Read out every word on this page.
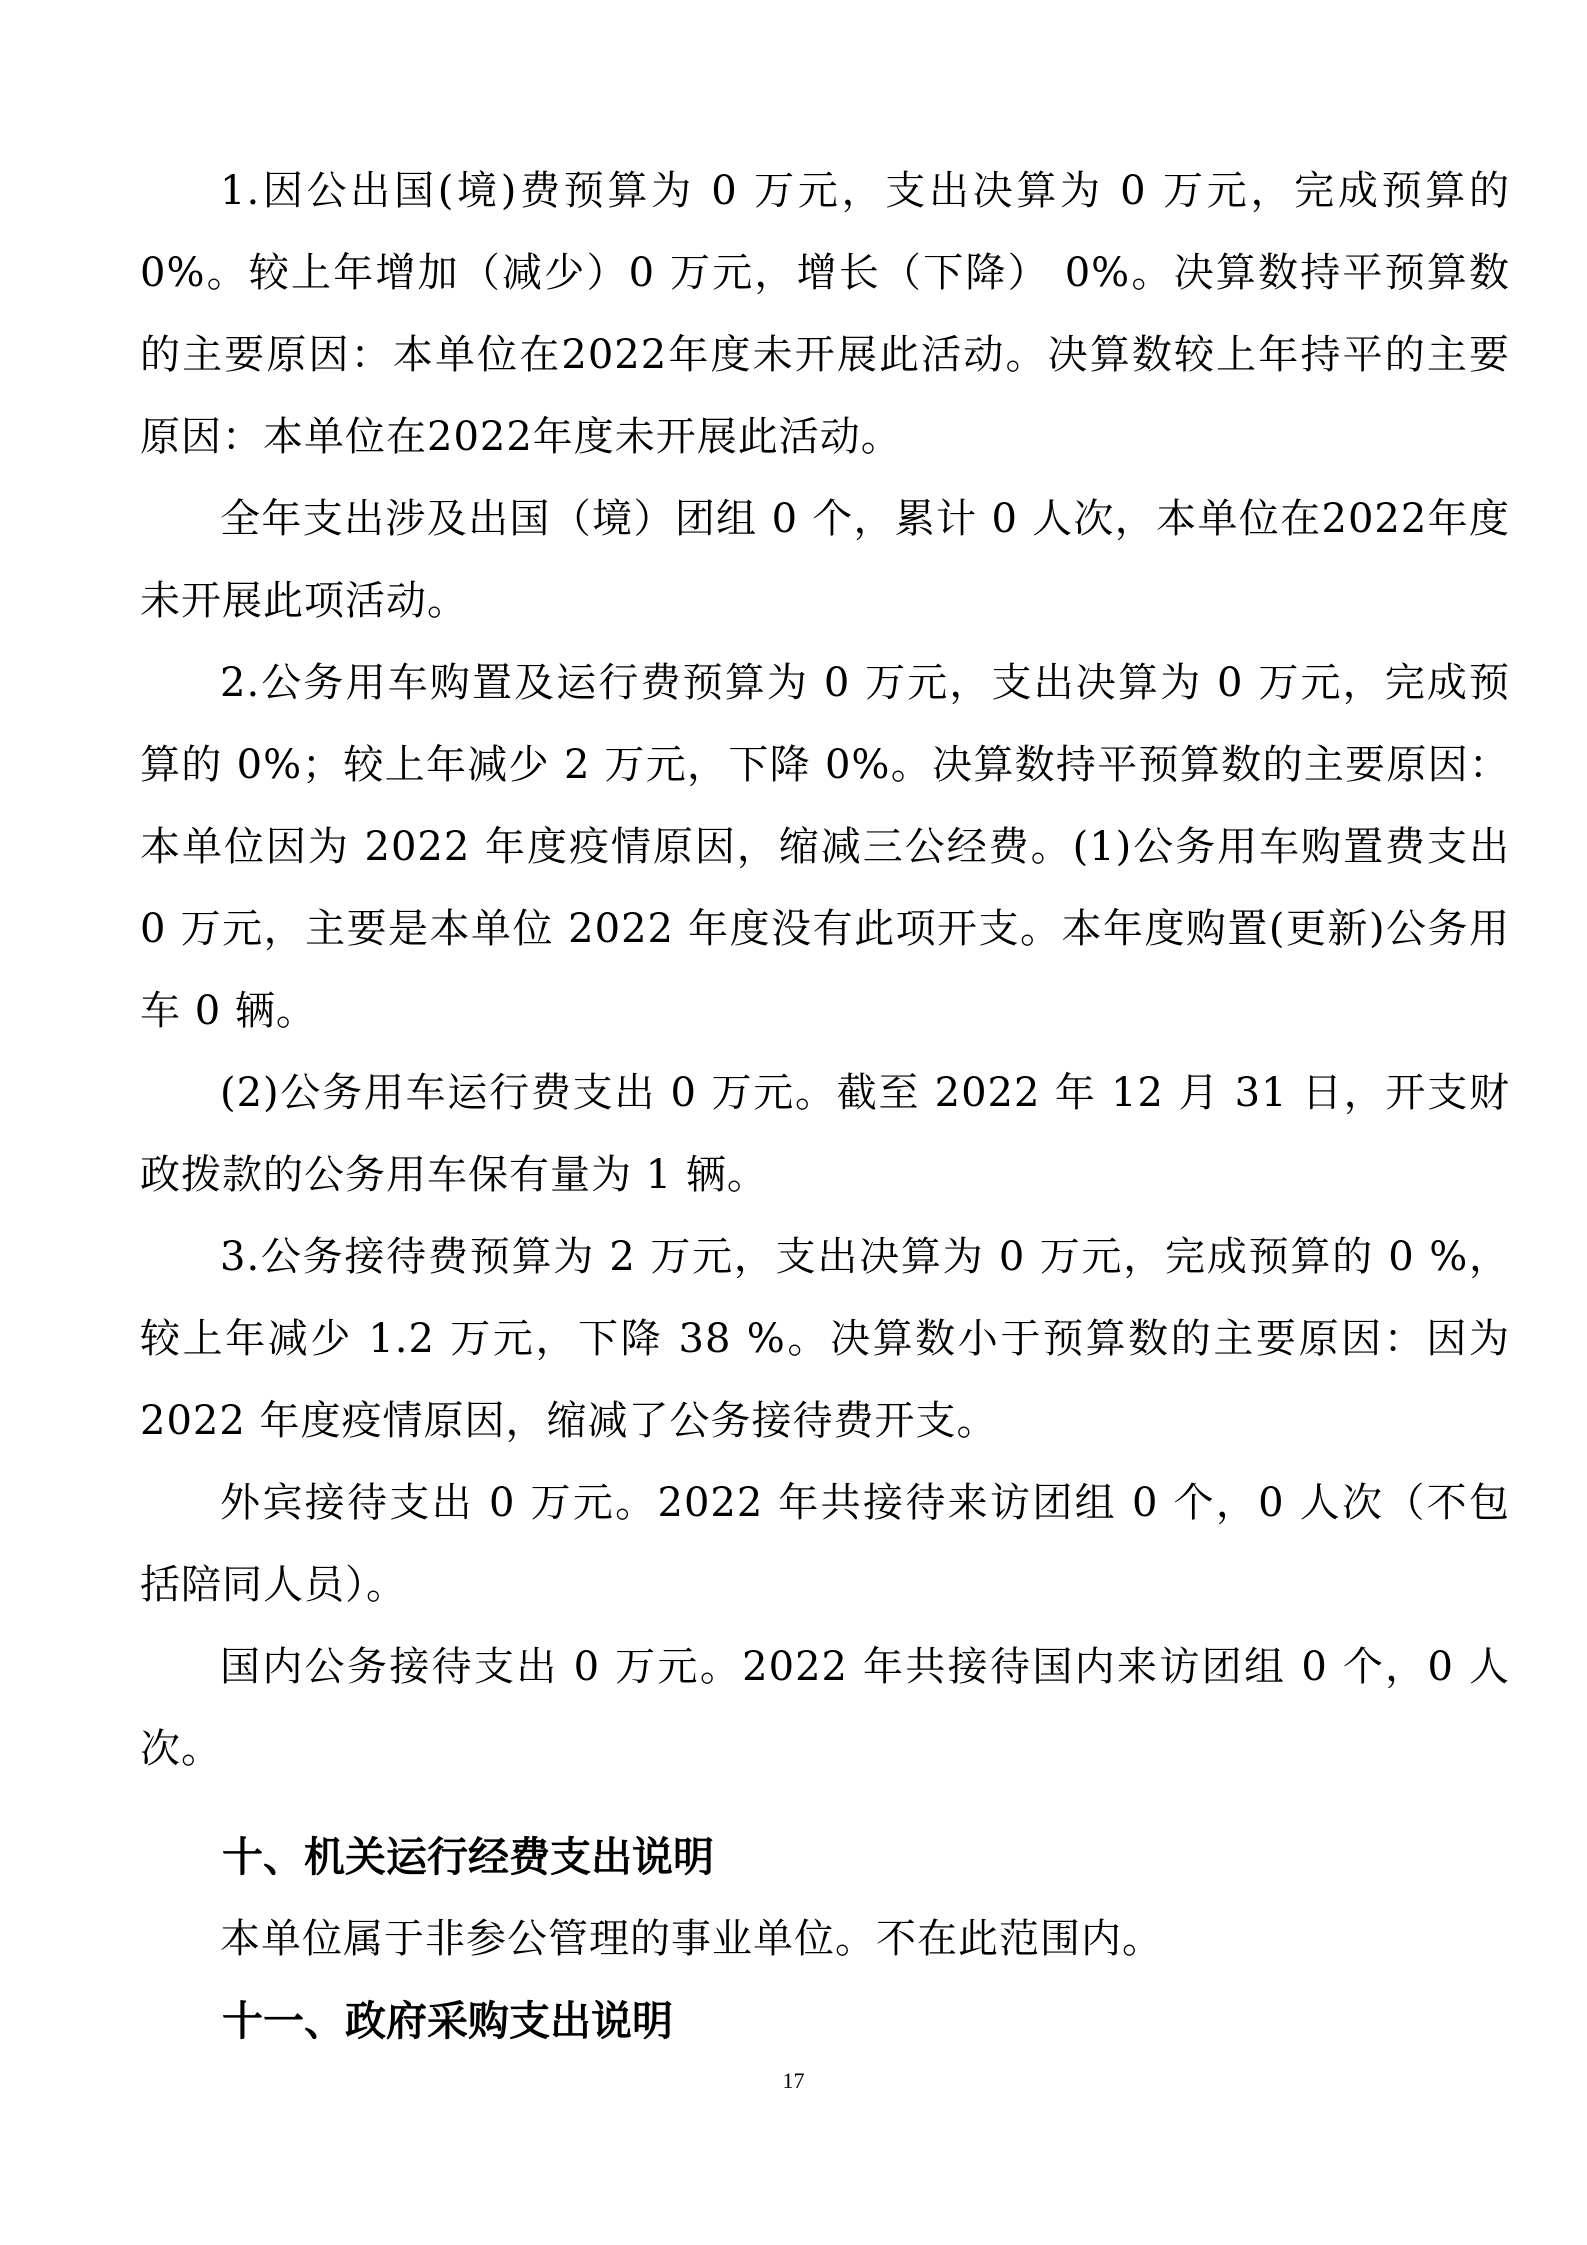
1.因公出国(境)费预算为 0 万元，支出决算为 0 万元，完成预算的0%。较上年增加（减少）0 万元，增长（下降） 0%。决算数持平预算数的主要原因：本单位在2022年度未开展此活动。决算数较上年持平的主要原因：本单位在2022年度未开展此活动。

全年支出涉及出国（境）团组 0 个，累计 0 人次，本单位在2022年度未开展此项活动。

2.公务用车购置及运行费预算为 0 万元，支出决算为 0 万元，完成预算的 0%；较上年减少 2 万元，下降 0%。决算数持平预算数的主要原因：本单位因为 2022 年度疫情原因，缩减三公经费。(1)公务用车购置费支出 0 万元，主要是本单位 2022 年度没有此项开支。本年度购置(更新)公务用车 0 辆。

(2)公务用车运行费支出 0 万元。截至 2022 年 12 月 31 日，开支财政拨款的公务用车保有量为 1 辆。

3.公务接待费预算为 2 万元，支出决算为 0 万元，完成预算的 0 %，较上年减少 1.2 万元，下降 38 %。决算数小于预算数的主要原因：因为2022 年度疫情原因，缩减了公务接待费开支。

外宾接待支出 0 万元。2022 年共接待来访团组 0 个，0 人次（不包括陪同人员）。

国内公务接待支出 0 万元。2022 年共接待国内来访团组 0 个，0 人次。

十、机关运行经费支出说明

本单位属于非参公管理的事业单位。不在此范围内。

十一、政府采购支出说明

17
